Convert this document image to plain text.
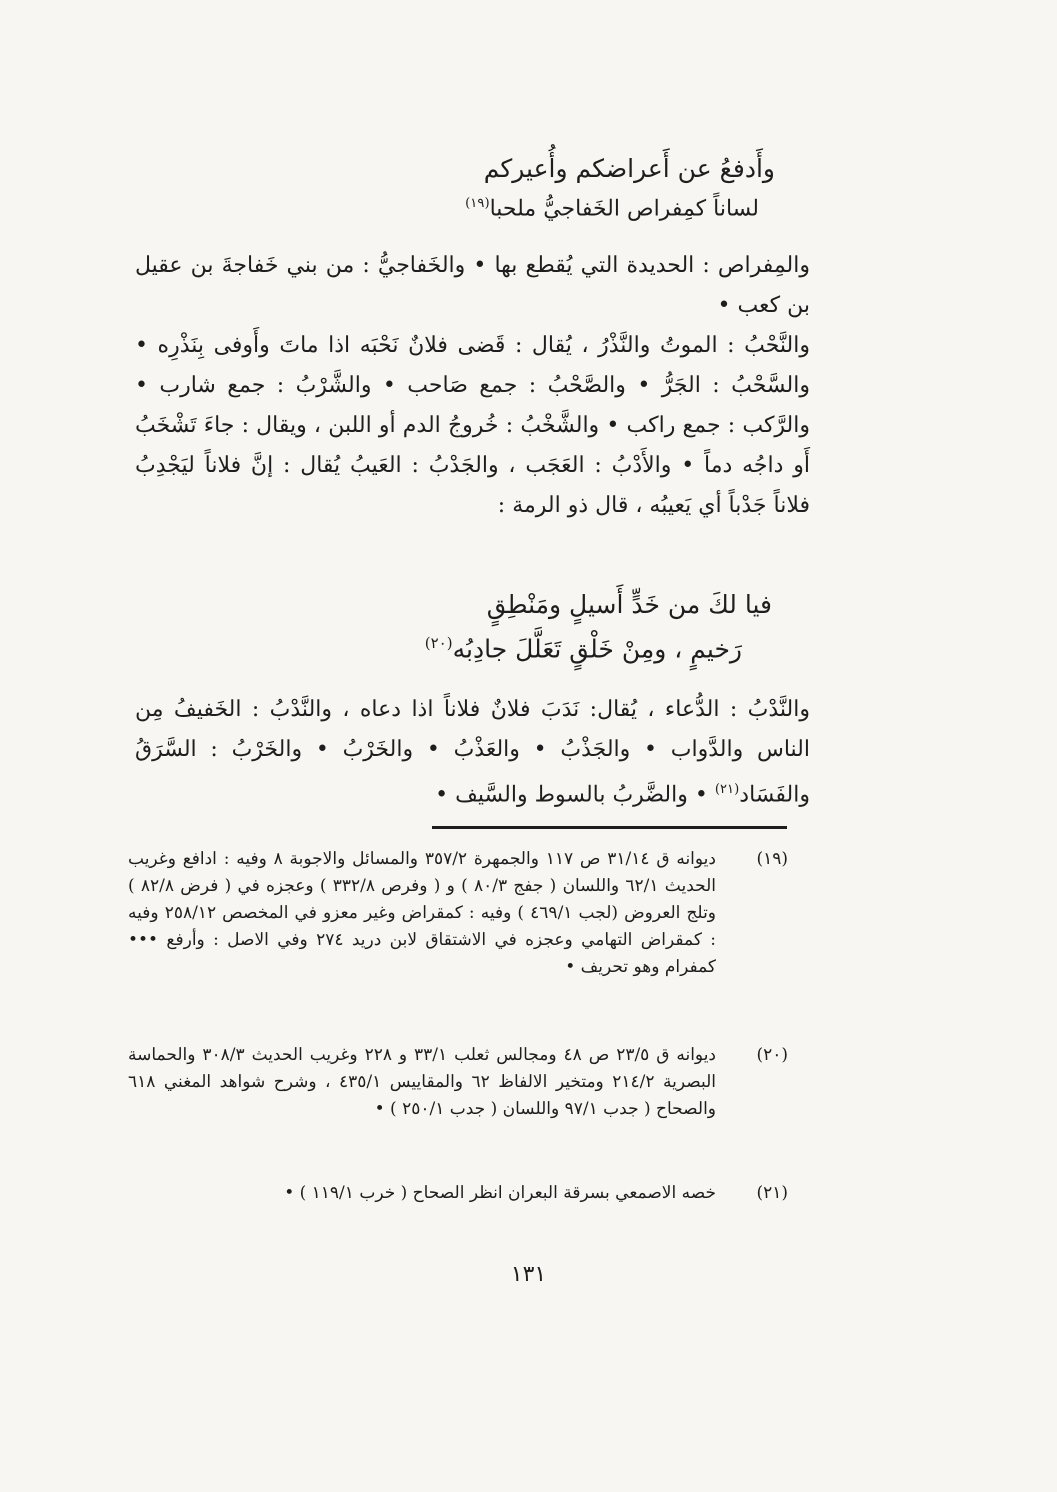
وأَدفعُ عن أَعراضكم وأُعيركم
لساناً كمِفراص الخَفاجيُّ ملحبا$^{(١٩)}$
والمِفراص : الحديدة التي يُقطع بها • والخَفاجيُّ : من بني خَفاجةَ بن عقيل بن كعب •
والنَّحْبُ : الموتُ والنَّذْرُ ، يُقال : قَضى فلانٌ نَحْبَه اذا ماتَ وأَوفى بِنَذْرِه • والسَّحْبُ : الجَرُّ • والصَّحْبُ : جمع صَاحب • والشَّرْبُ : جمع شارب • والرَّكب : جمع راكب • والشَّخْبُ : خُروجُ الدم أو اللبن ، ويقال : جاءَ تَشْخَبُ أَو داجُه دماً • والأَدْبُ : العَجَب ، والجَدْبُ : العَيبُ يُقال : إنَّ فلاناً ليَجْدِبُ فلاناً جَدْباً أي يَعيبُه ، قال ذو الرمة :
فيا لكَ من خَدٍّ أَسيلٍ ومَنْطِقٍ
رَخيمٍ ، ومِنْ خَلْقٍ تَعَلَّلَ جادِبُه$^{(٢٠)}$
والنَّدْبُ : الدُّعاء ، يُقال: نَدَبَ فلانٌ فلاناً اذا دعاه ، والنَّدْبُ : الخَفيفُ مِن الناس والدَّواب • والجَذْبُ • والعَذْبُ • والخَرْبُ • والخَرْبُ : السَّرَقُ والفَسَاد$^{(٢١)}$ • والضَّربُ بالسوط والسَّيف •
(١٩)
ديوانه ق ٣١/١٤ ص ١١٧ والجمهرة ٣٥٧/٢ والمسائل والاجوبة ٨ وفيه : ادافع وغريب الحديث ٦٢/١ واللسان ( جفج ٨٠/٣ ) و ( وفرص ٣٣٢/٨ ) وعجزه في ( فرض ٨٢/٨ ) وتلج العروض (لجب ٤٦٩/١ ) وفيه : كمقراض وغير معزو في المخصص ٢٥٨/١٢ وفيه : كمقراض التهامي وعجزه في الاشتقاق لابن دريد ٢٧٤ وفي الاصل : وأرفع ••• كمفرام وهو تحريف •
(٢٠)
ديوانه ق ٢٣/٥ ص ٤٨ ومجالس ثعلب ٣٣/١ و ٢٢٨ وغريب الحديث ٣٠٨/٣ والحماسة البصرية ٢١٤/٢ ومتخير الالفاظ ٦٢ والمقاييس ٤٣٥/١ ، وشرح شواهد المغني ٦١٨ والصحاح ( جدب ٩٧/١ واللسان ( جدب ٢٥٠/١ ) •
(٢١)
خصه الاصمعي بسرقة البعران انظر الصحاح ( خرب ١١٩/١ ) •
١٣١
